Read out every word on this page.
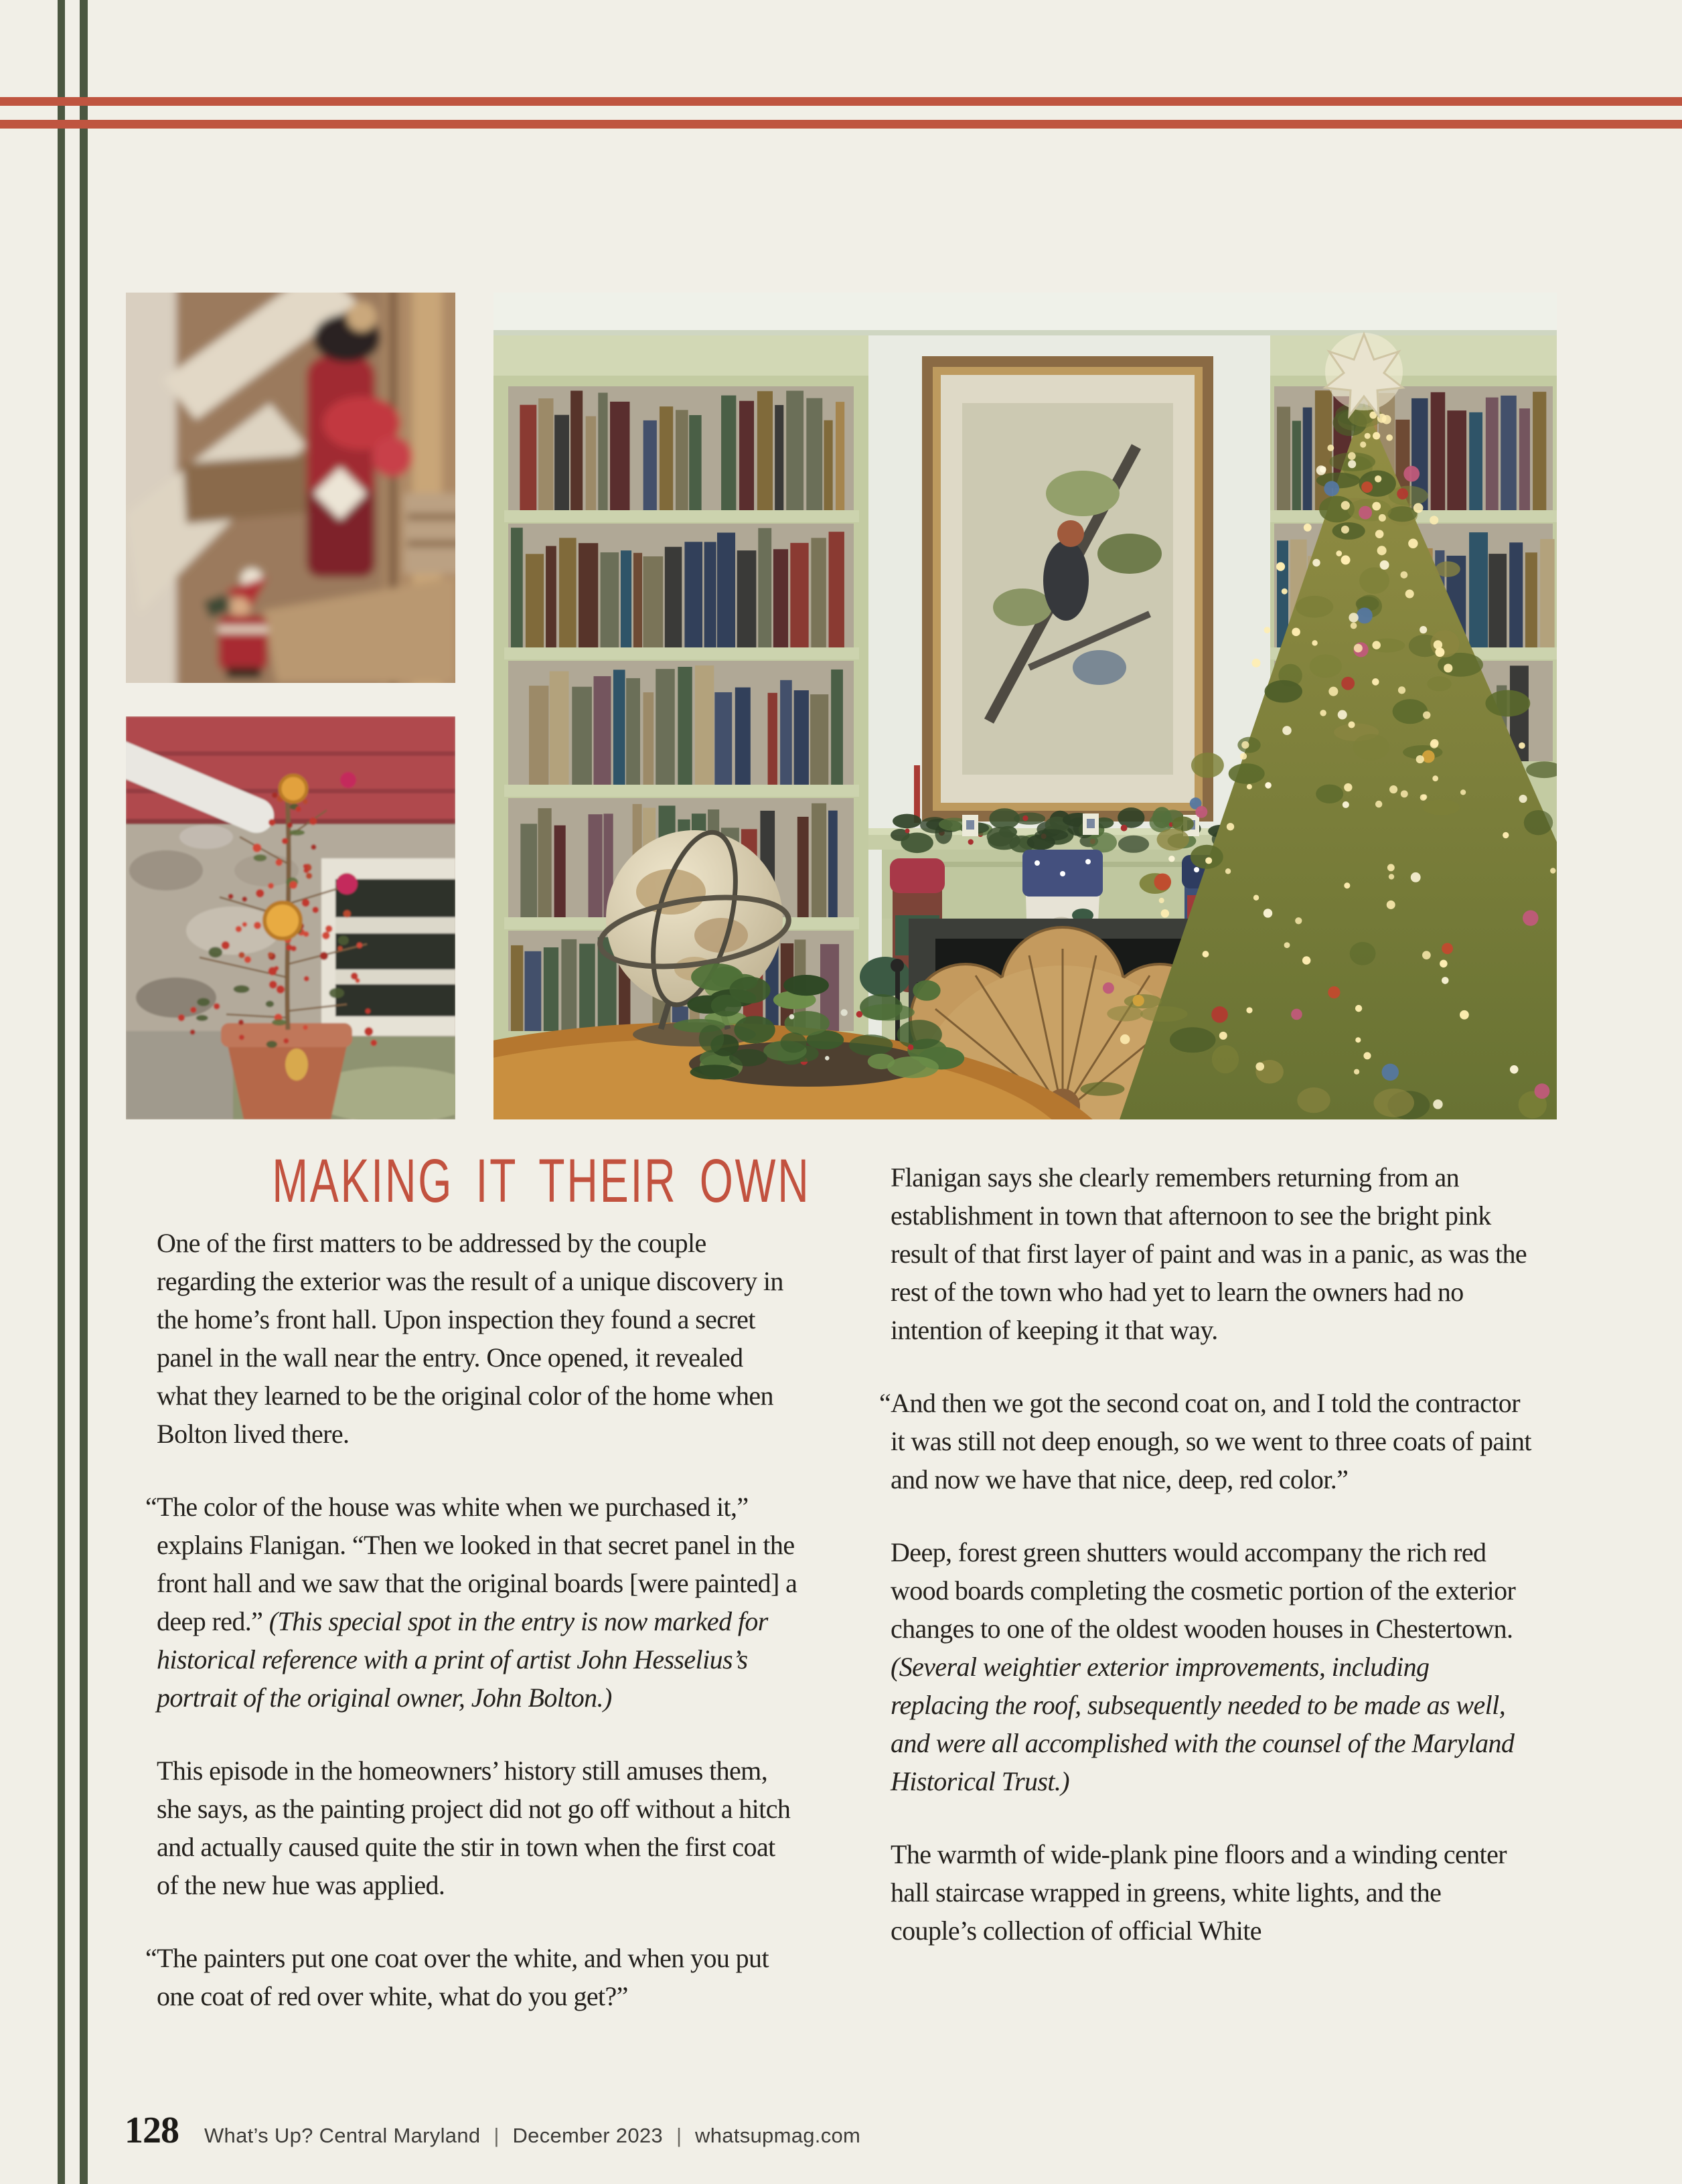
MAKING IT THEIR OWN

One of the first matters to be addressed by the couple regarding the exterior was the result of a unique discovery in the home’s front hall. Upon inspection they found a secret panel in the wall near the entry. Once opened, it revealed what they learned to be the original color of the home when Bolton lived there.

“The color of the house was white when we purchased it,” explains Flanigan. “Then we looked in that secret panel in the front hall and we saw that the original boards [were painted] a deep red.” (This special spot in the entry is now marked for historical reference with a print of artist John Hesselius’s portrait of the original owner, John Bolton.)

This episode in the homeowners’ history still amuses them, she says, as the painting project did not go off without a hitch and actually caused quite the stir in town when the first coat of the new hue was applied.

“The painters put one coat over the white, and when you put one coat of red over white, what do you get?”

Flanigan says she clearly remembers returning from an establishment in town that afternoon to see the bright pink result of that first layer of paint and was in a panic, as was the rest of the town who had yet to learn the owners had no intention of keeping it that way.

“And then we got the second coat on, and I told the contractor it was still not deep enough, so we went to three coats of paint and now we have that nice, deep, red color.”

Deep, forest green shutters would accompany the rich red wood boards completing the cosmetic portion of the exterior changes to one of the oldest wooden houses in Chestertown. (Several weightier exterior improvements, including replacing the roof, subsequently needed to be made as well, and were all accomplished with the counsel of the Maryland Historical Trust.)

The warmth of wide-plank pine floors and a winding center hall staircase wrapped in greens, white lights, and the couple’s collection of official White

128 What’s Up? Central Maryland | December 2023 | whatsupmag.com
